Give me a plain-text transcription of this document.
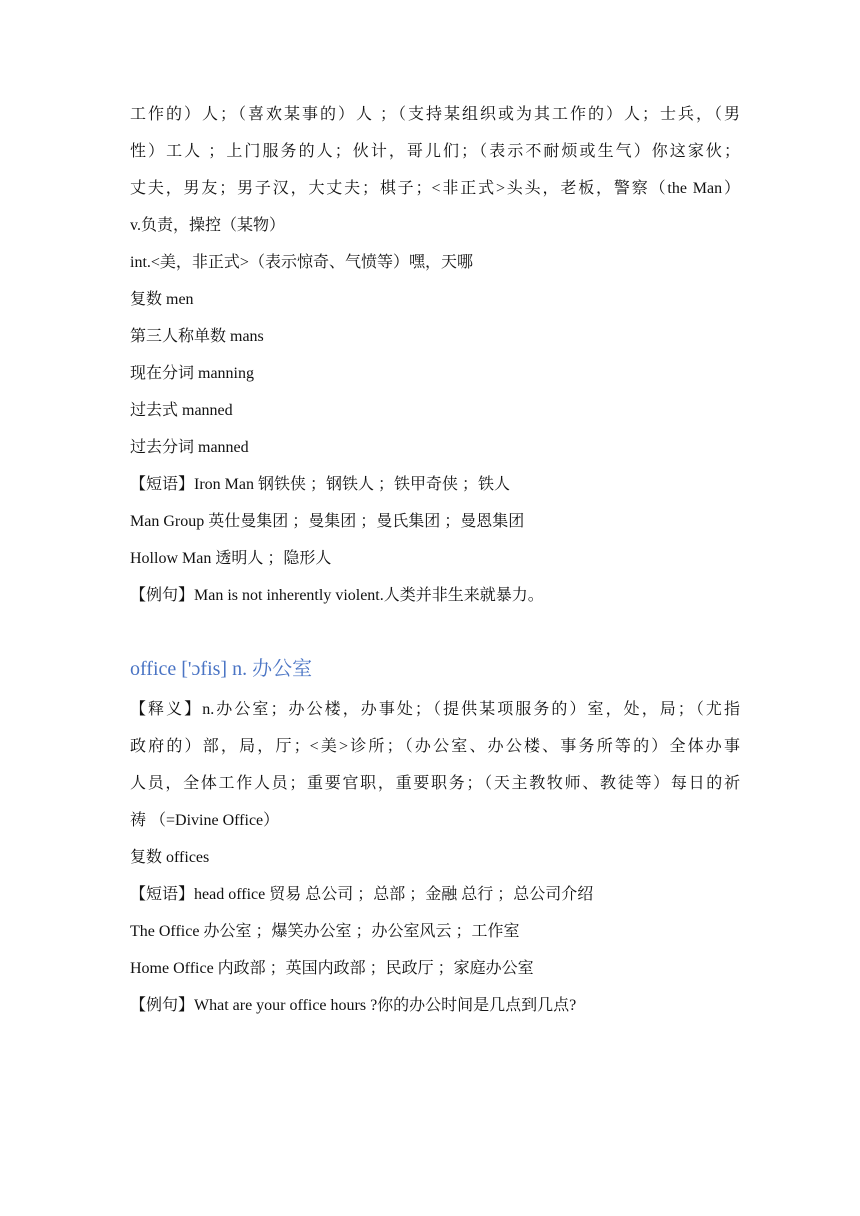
工作的）人；（喜欢某事的）人 ；（支持某组织或为其工作的）人；士兵，（男
性）工人 ；上门服务的人；伙计，哥儿们；（表示不耐烦或生气）你这家伙；
丈夫，男友；男子汉，大丈夫；棋子；<非正式>头头，老板，警察（the Man）
v.负责，操控（某物）
int.<美，非正式>（表示惊奇、气愤等）嘿，天哪
复数 men
第三人称单数 mans
现在分词 manning
过去式 manned
过去分词 manned
【短语】Iron Man 钢铁侠 ；钢铁人 ；铁甲奇侠 ；铁人
Man Group 英仕曼集团 ；曼集团 ；曼氏集团 ；曼恩集团
Hollow Man 透明人 ；隐形人
【例句】Man is not inherently violent.人类并非生来就暴力。
office ['ɔfis] n. 办公室
【释义】n.办公室；办公楼，办事处；（提供某项服务的）室，处，局；（尤指
政府的）部，局，厅；<美>诊所；（办公室、办公楼、事务所等的）全体办事
人员，全体工作人员；重要官职，重要职务；（天主教牧师、教徒等）每日的祈
祷 （=Divine Office）
复数 offices
【短语】head office 贸易 总公司 ；总部 ；金融 总行 ；总公司介绍
The Office 办公室 ；爆笑办公室 ；办公室风云 ；工作室
Home Office 内政部 ；英国内政部 ；民政厅 ；家庭办公室
【例句】What are your office hours ?你的办公时间是几点到几点?
